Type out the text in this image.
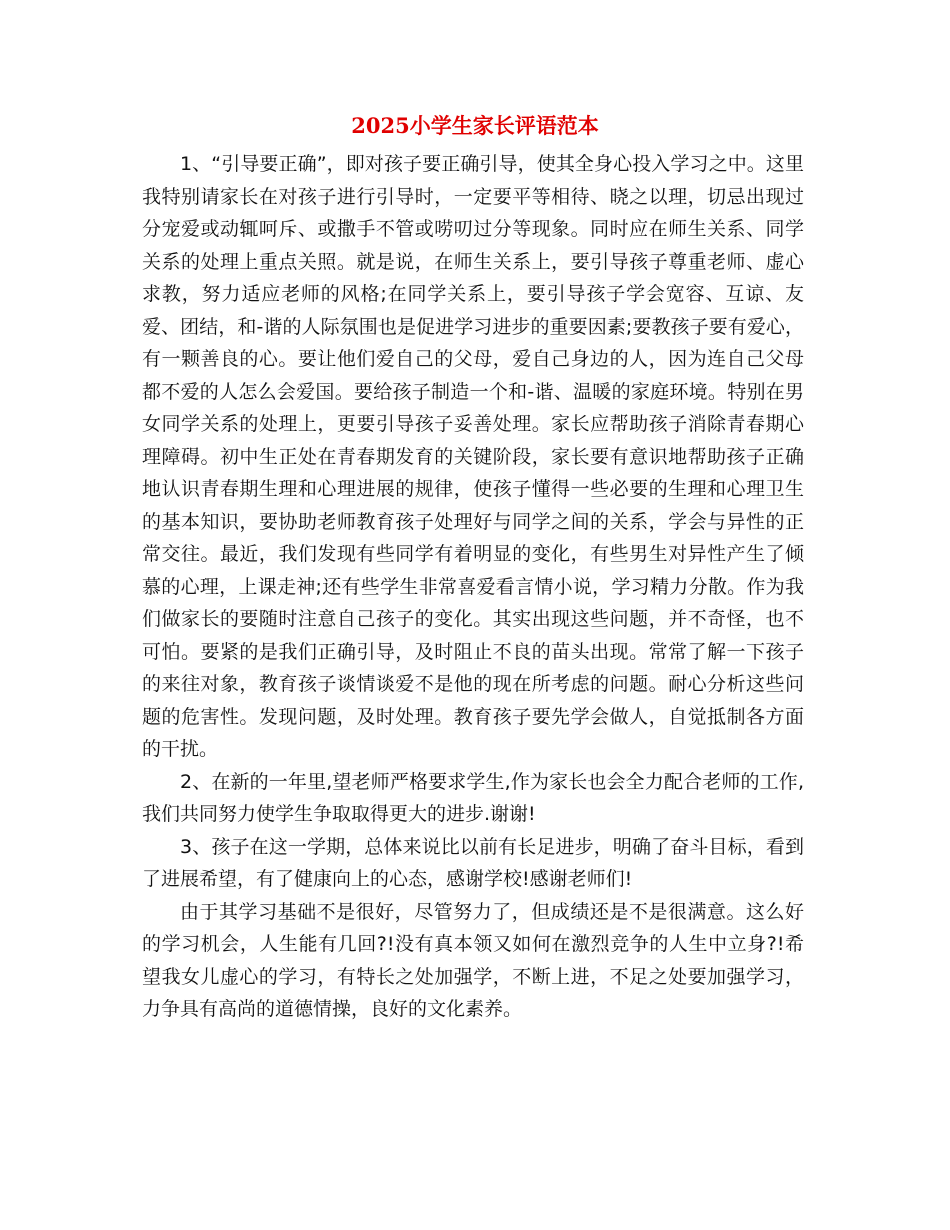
2025小学生家长评语范本

1、“引导要正确”，即对孩子要正确引导，使其全身心投入学习之中。这里我特别请家长在对孩子进行引导时，一定要平等相待、晓之以理，切忌出现过分宠爱或动辄呵斥、或撒手不管或唠叨过分等现象。同时应在师生关系、同学关系的处理上重点关照。就是说，在师生关系上，要引导孩子尊重老师、虚心求教，努力适应老师的风格;在同学关系上，要引导孩子学会宽容、互谅、友爱、团结，和-谐的人际氛围也是促进学习进步的重要因素;要教孩子要有爱心，有一颗善良的心。要让他们爱自己的父母，爱自己身边的人，因为连自己父母都不爱的人怎么会爱国。要给孩子制造一个和-谐、温暖的家庭环境。特别在男女同学关系的处理上，更要引导孩子妥善处理。家长应帮助孩子消除青春期心理障碍。初中生正处在青春期发育的关键阶段，家长要有意识地帮助孩子正确地认识青春期生理和心理进展的规律，使孩子懂得一些必要的生理和心理卫生的基本知识，要协助老师教育孩子处理好与同学之间的关系，学会与异性的正常交往。最近，我们发现有些同学有着明显的变化，有些男生对异性产生了倾慕的心理，上课走神;还有些学生非常喜爱看言情小说，学习精力分散。作为我们做家长的要随时注意自己孩子的变化。其实出现这些问题，并不奇怪，也不可怕。要紧的是我们正确引导，及时阻止不良的苗头出现。常常了解一下孩子的来往对象，教育孩子谈情谈爱不是他的现在所考虑的问题。耐心分析这些问题的危害性。发现问题，及时处理。教育孩子要先学会做人，自觉抵制各方面的干扰。

2、在新的一年里,望老师严格要求学生,作为家长也会全力配合老师的工作,我们共同努力使学生争取取得更大的进步.谢谢!

3、孩子在这一学期，总体来说比以前有长足进步，明确了奋斗目标，看到了进展希望，有了健康向上的心态，感谢学校!感谢老师们!

由于其学习基础不是很好，尽管努力了，但成绩还是不是很满意。这么好的学习机会，人生能有几回?!没有真本领又如何在激烈竞争的人生中立身?!希望我女儿虚心的学习，有特长之处加强学，不断上进，不足之处要加强学习，力争具有高尚的道德情操，良好的文化素养。
